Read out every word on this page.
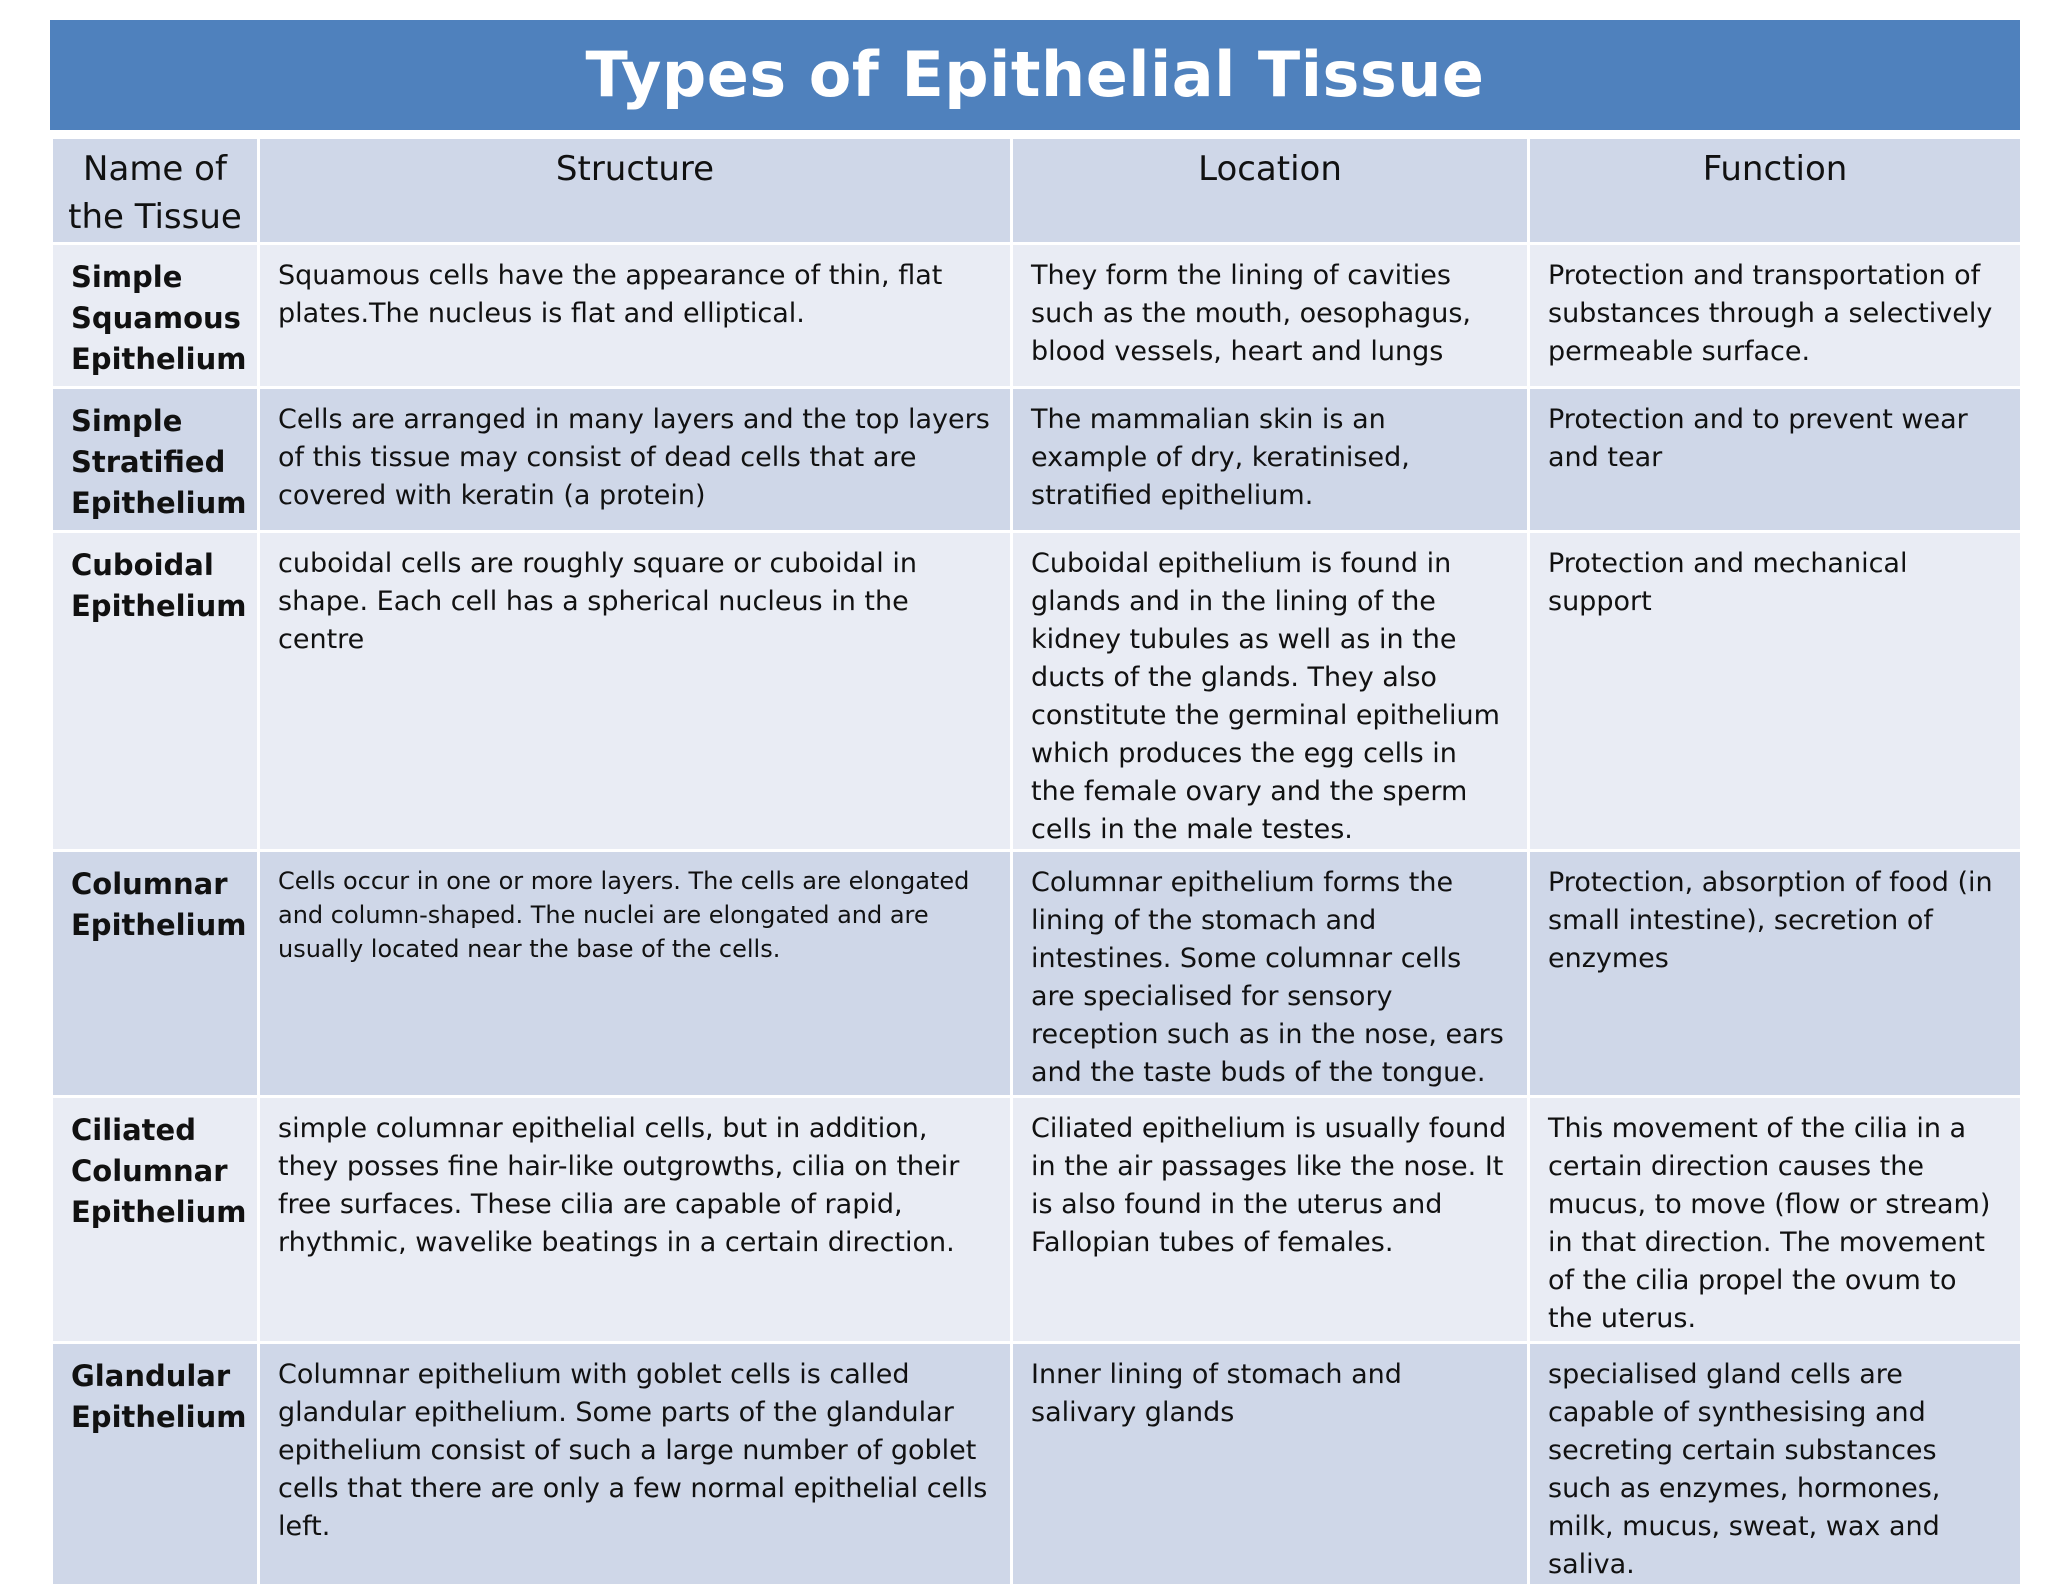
Types of Epithelial Tissue
Name of the Tissue	Structure	Location	Function
Simple Squamous Epithelium	Squamous cells have the appearance of thin, flat plates.The nucleus is flat and elliptical.	They form the lining of cavities such as the mouth, oesophagus, blood vessels, heart and lungs	Protection and transportation of substances through a selectively permeable surface.
Simple Stratified Epithelium	Cells are arranged in many layers and the top layers of this tissue may consist of dead cells that are covered with keratin (a protein)	The mammalian skin is an example of dry, keratinised, stratified epithelium.	Protection and to prevent wear and tear
Cuboidal Epithelium	cuboidal cells are roughly square or cuboidal in shape. Each cell has a spherical nucleus in the centre	Cuboidal epithelium is found in glands and in the lining of the kidney tubules as well as in the ducts of the glands. They also constitute the germinal epithelium which produces the egg cells in the female ovary and the sperm cells in the male testes.	Protection and mechanical support
Columnar Epithelium	Cells occur in one or more layers. The cells are elongated and column-shaped. The nuclei are elongated and are usually located near the base of the cells.	Columnar epithelium forms the lining of the stomach and intestines. Some columnar cells are specialised for sensory reception such as in the nose, ears and the taste buds of the tongue.	Protection, absorption of food (in small intestine), secretion of enzymes
Ciliated Columnar Epithelium	simple columnar epithelial cells, but in addition, they posses fine hair-like outgrowths, cilia on their free surfaces. These cilia are capable of rapid, rhythmic, wavelike beatings in a certain direction.	Ciliated epithelium is usually found in the air passages like the nose. It is also found in the uterus and Fallopian tubes of females.	This movement of the cilia in a certain direction causes the mucus, to move (flow or stream) in that direction. The movement of the cilia propel the ovum to the uterus.
Glandular Epithelium	Columnar epithelium with goblet cells is called glandular epithelium. Some parts of the glandular epithelium consist of such a large number of goblet cells that there are only a few normal epithelial cells left.	Inner lining of stomach and salivary glands	specialised gland cells are capable of synthesising and secreting certain substances such as enzymes, hormones, milk, mucus, sweat, wax and saliva.
